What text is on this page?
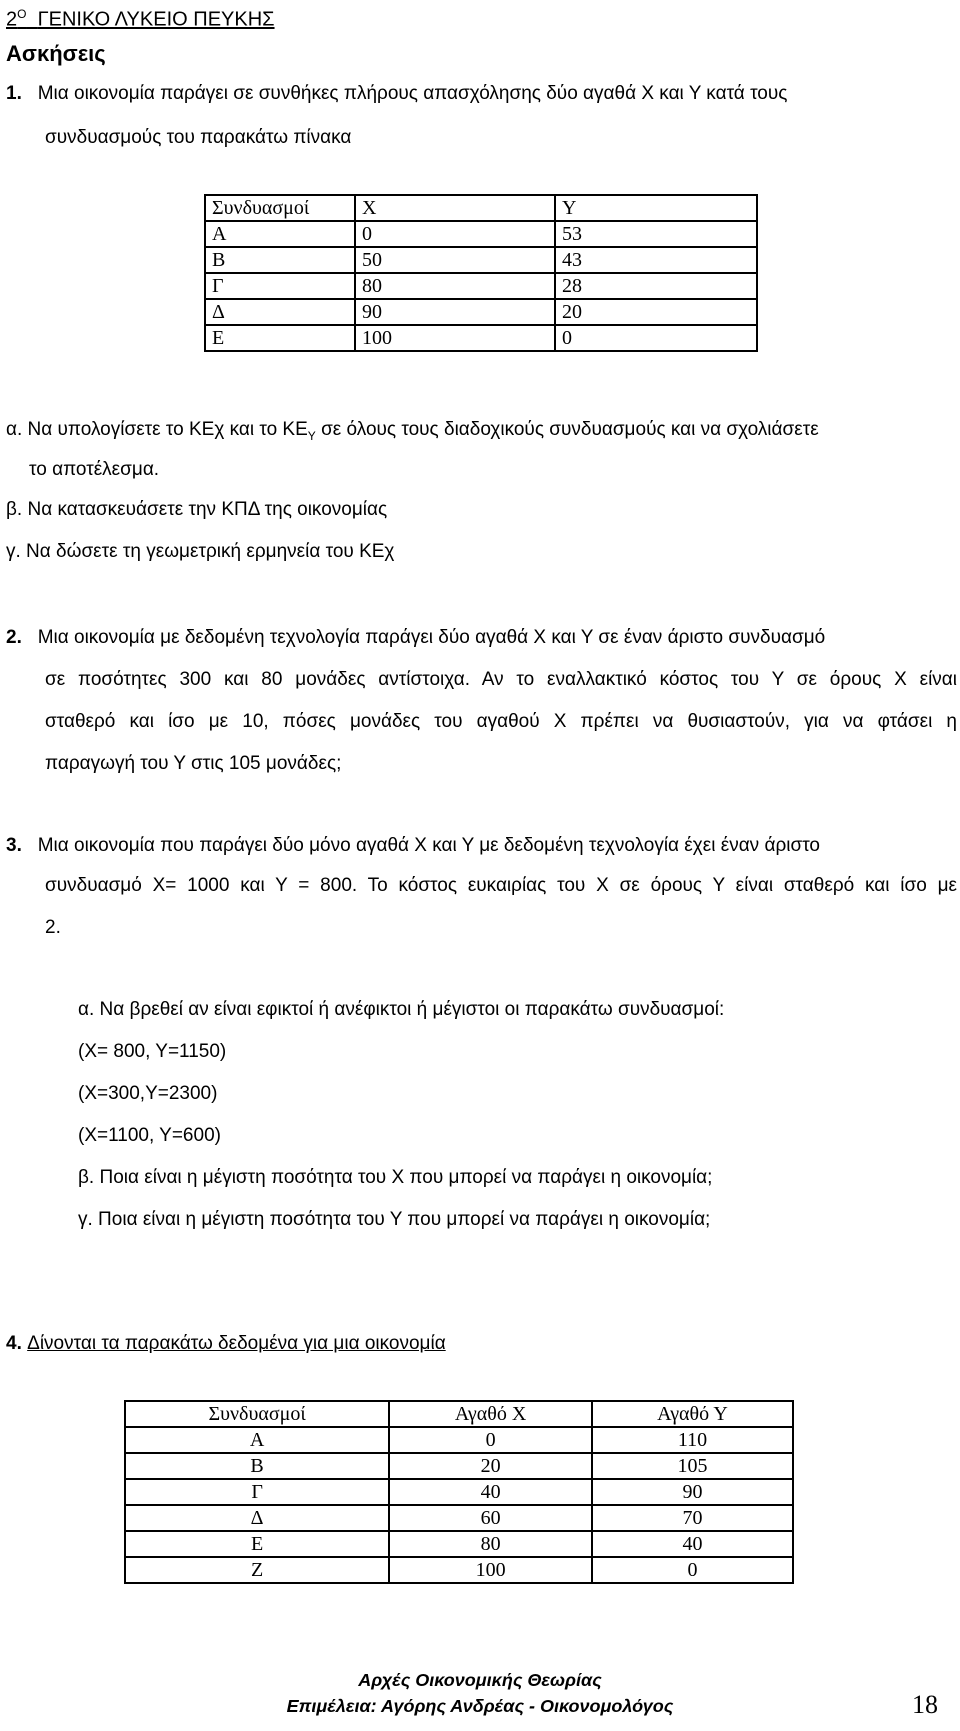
$2^O$ ΓΕΝΙΚΟ ΛΥΚΕΙΟ ΠΕΥΚΗΣ
Ασκήσεις
1. Μια οικονομία παράγει σε συνθήκες πλήρους απασχόλησης δύο αγαθά Χ και Υ κατά τους
συνδυασμούς του παρακάτω πίνακα
Συνδυασμοί	Χ	Υ
Α	0	53
Β	50	43
Γ	80	28
Δ	90	20
Ε	100	0
α. Να υπολογίσετε το ΚΕχ και το $KE_\Upsilon$ σε όλους τους διαδοχικούς συνδυασμούς και να σχολιάσετε
το αποτέλεσμα.
β. Να κατασκευάσετε την ΚΠΔ της οικονομίας
γ. Να δώσετε τη γεωμετρική ερμηνεία του ΚΕχ
2. Μια οικονομία με δεδομένη τεχνολογία παράγει δύο αγαθά Χ και Υ σε έναν άριστο συνδυασμό
σε ποσότητες 300 και 80 μονάδες αντίστοιχα. Αν το εναλλακτικό κόστος του Υ σε όρους Χ είναι
σταθερό και ίσο με 10, πόσες μονάδες του αγαθού Χ πρέπει να θυσιαστούν, για να φτάσει η
παραγωγή του Υ στις 105 μονάδες;
3. Μια οικονομία που παράγει δύο μόνο αγαθά Χ και Υ με δεδομένη τεχνολογία έχει έναν άριστο
συνδυασμό Χ= 1000 και Υ = 800. Το κόστος ευκαιρίας του Χ σε όρους Υ είναι σταθερό και ίσο με
2.
α. Να βρεθεί αν είναι εφικτοί ή ανέφικτοι ή μέγιστοι οι παρακάτω συνδυασμοί:
(Χ= 800, Υ=1150)
(Χ=300,Υ=2300)
(Χ=1100, Υ=600)
β. Ποια είναι η μέγιστη ποσότητα του Χ που μπορεί να παράγει η οικονομία;
γ. Ποια είναι η μέγιστη ποσότητα του Υ που μπορεί να παράγει η οικονομία;
4. Δίνονται τα παρακάτω δεδομένα για μια οικονομία
Συνδυασμοί	Αγαθό Χ	Αγαθό Υ
Α	0	110
Β	20	105
Γ	40	90
Δ	60	70
Ε	80	40
Ζ	100	0
Αρχές Οικονομικής Θεωρίας
Επιμέλεια: Αγόρης Ανδρέας - Οικονομολόγος	18
